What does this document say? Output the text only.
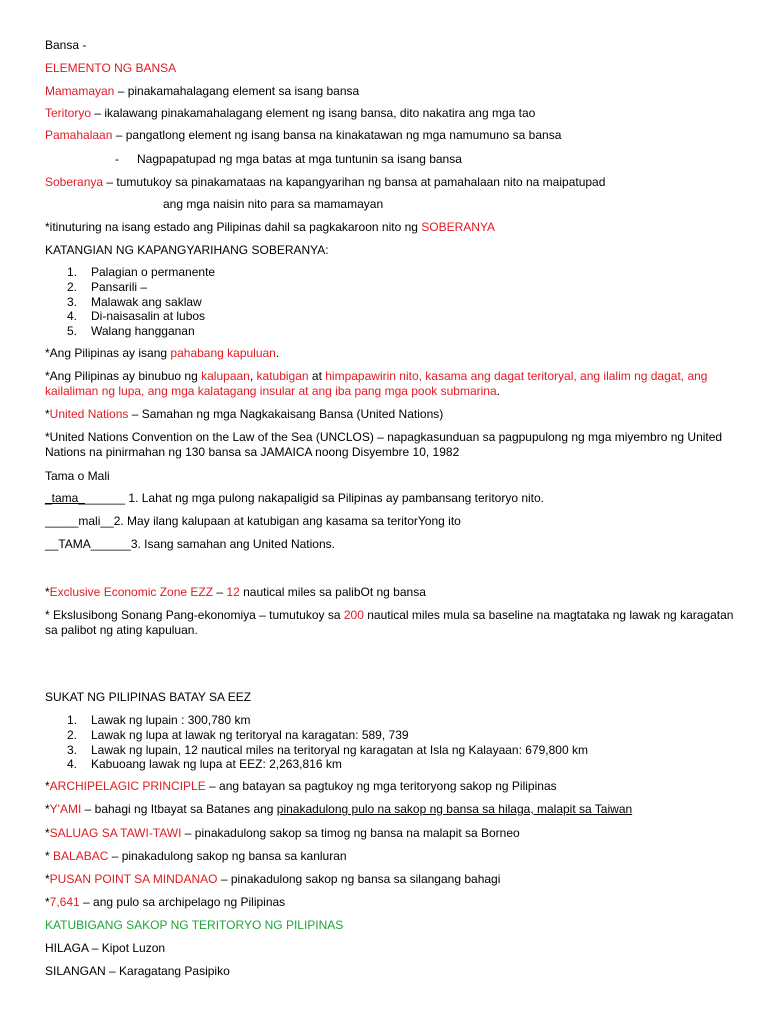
Bansa -
ELEMENTO NG BANSA
Mamamayan – pinakamahalagang element sa isang bansa
Teritoryo – ikalawang pinakamahalagang element ng isang bansa, dito nakatira ang mga tao
Pamahalaan – pangatlong element ng isang bansa na kinakatawan ng mga namumuno sa bansa
- Nagpapatupad ng mga batas at mga tuntunin sa isang bansa
Soberanya – tumutukoy sa pinakamataas na kapangyarihan ng bansa at pamahalaan nito na maipatupad
ang mga naisin nito para sa mamamayan
*itinuturing na isang estado ang Pilipinas dahil sa pagkakaroon nito ng SOBERANYA
KATANGIAN NG KAPANGYARIHANG SOBERANYA:
1. Palagian o permanente
2. Pansarili –
3. Malawak ang saklaw
4. Di-naisasalin at lubos
5. Walang hangganan
*Ang Pilipinas ay isang pahabang kapuluan.
*Ang Pilipinas ay binubuo ng kalupaan, katubigan at himpapawirin nito, kasama ang dagat teritoryal, ang ilalim ng dagat, ang kailaliman ng lupa, ang mga kalatagang insular at ang iba pang mga pook submarina.
*United Nations – Samahan ng mga Nagkakaisang Bansa (United Nations)
*United Nations Convention on the Law of the Sea (UNCLOS) – napagkasunduan sa pagpupulong ng mga miyembro ng United Nations na pinirmahan ng 130 bansa sa JAMAICA noong Disyembre 10, 1982
Tama o Mali
_tama_______ 1. Lahat ng mga pulong nakapaligid sa Pilipinas ay pambansang teritoryo nito.
_____mali__2. May ilang kalupaan at katubigan ang kasama sa teritorYong ito
__TAMA______3. Isang samahan ang United Nations.
*Exclusive Economic Zone EZZ – 12 nautical miles sa palibOt ng bansa
* Ekslusibong Sonang Pang-ekonomiya – tumutukoy sa 200 nautical miles mula sa baseline na magtataka ng lawak ng karagatan sa palibot ng ating kapuluan.
SUKAT NG PILIPINAS BATAY SA EEZ
1. Lawak ng lupain : 300,780 km
2. Lawak ng lupa at lawak ng teritoryal na karagatan: 589, 739
3. Lawak ng lupain, 12 nautical miles na teritoryal ng karagatan at Isla ng Kalayaan: 679,800 km
4. Kabuoang lawak ng lupa at EEZ: 2,263,816 km
*ARCHIPELAGIC PRINCIPLE – ang batayan sa pagtukoy ng mga teritoryong sakop ng Pilipinas
*Y'AMI – bahagi ng Itbayat sa Batanes ang pinakadulong pulo na sakop ng bansa sa hilaga, malapit sa Taiwan
*SALUAG SA TAWI-TAWI – pinakadulong sakop sa timog ng bansa na malapit sa Borneo
* BALABAC – pinakadulong sakop ng bansa sa kanluran
*PUSAN POINT SA MINDANAO – pinakadulong sakop ng bansa sa silangang bahagi
*7,641 – ang pulo sa archipelago ng Pilipinas
KATUBIGANG SAKOP NG TERITORYO NG PILIPINAS
HILAGA – Kipot Luzon
SILANGAN – Karagatang Pasipiko
